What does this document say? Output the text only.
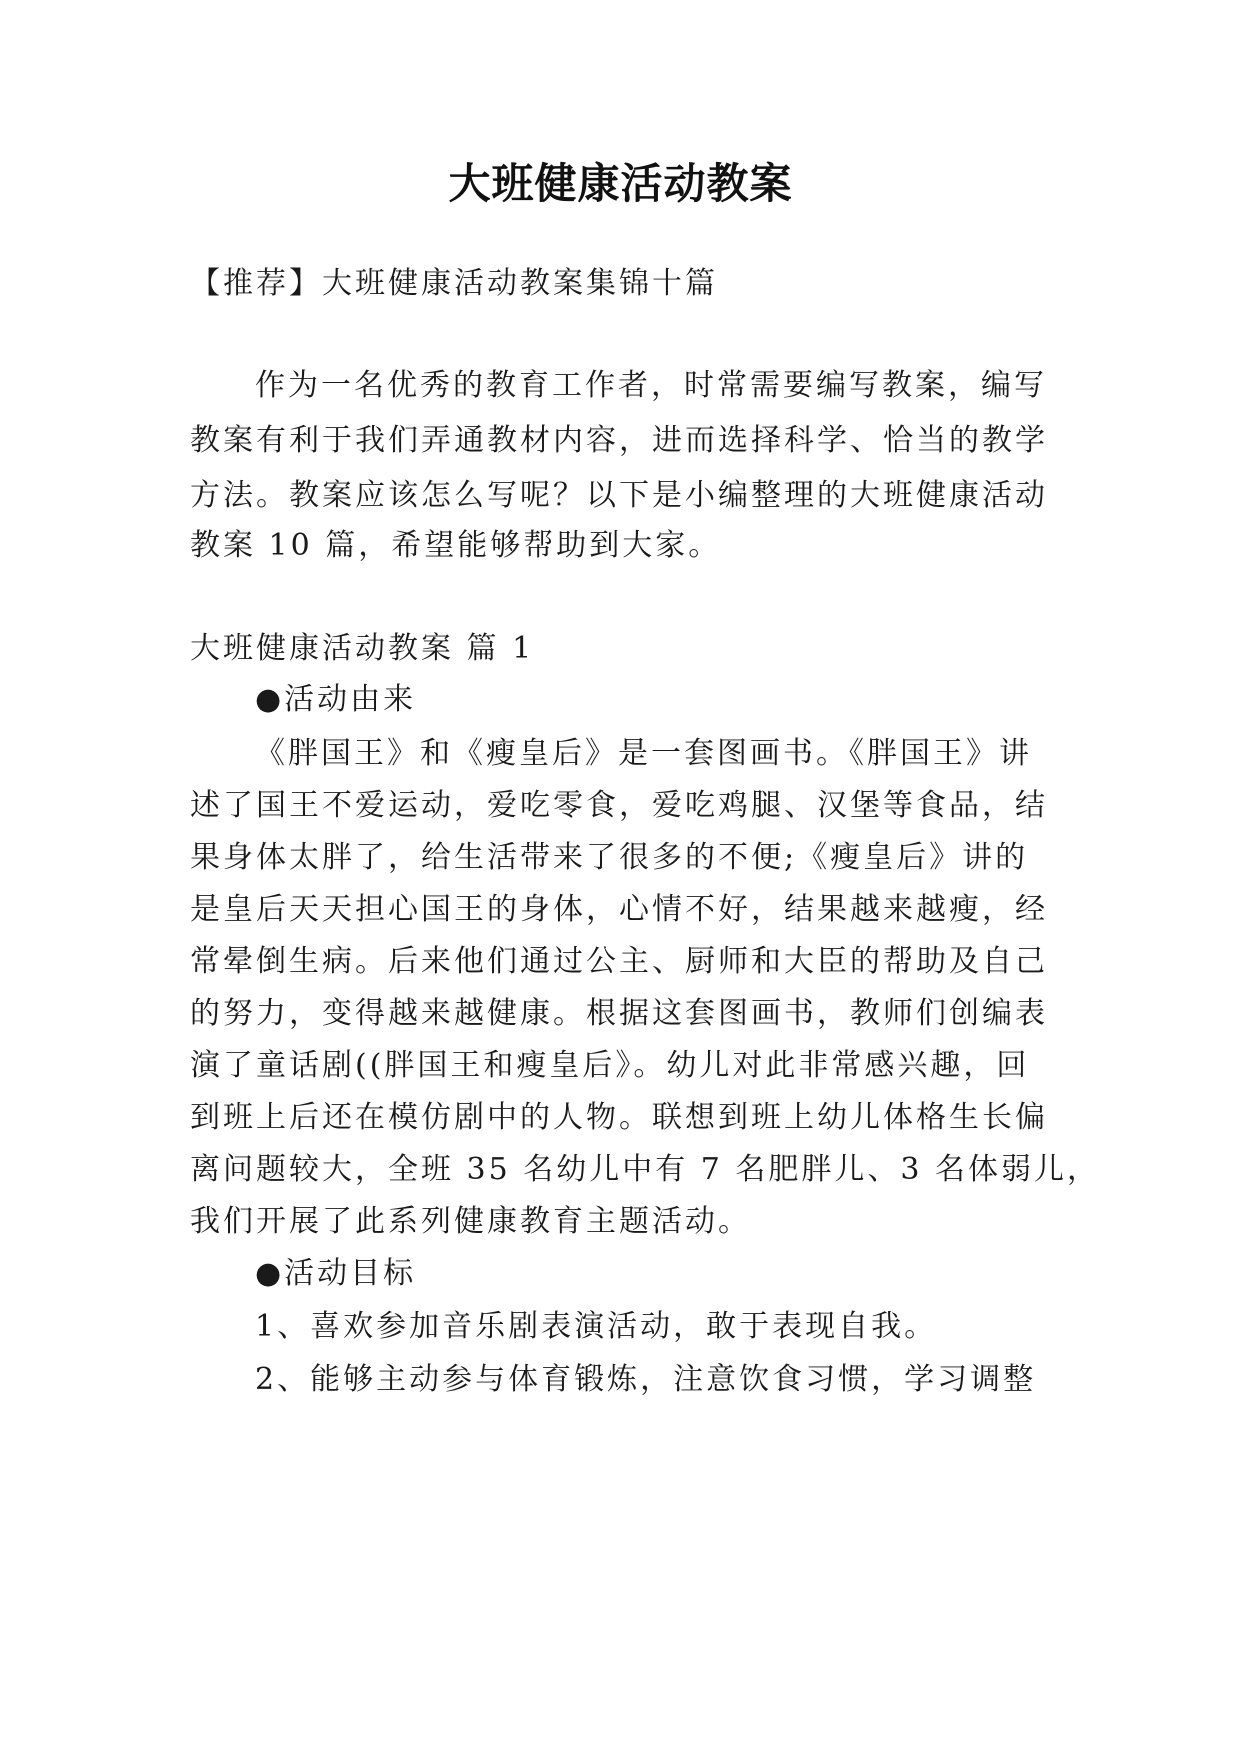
大班健康活动教案
【推荐】大班健康活动教案集锦十篇
作为一名优秀的教育工作者，时常需要编写教案，编写
教案有利于我们弄通教材内容，进而选择科学、恰当的教学
方法。教案应该怎么写呢？以下是小编整理的大班健康活动
教案 10 篇，希望能够帮助到大家。
大班健康活动教案 篇 1
●活动由来
《胖国王》和《瘦皇后》是一套图画书。《胖国王》讲
述了国王不爱运动，爱吃零食，爱吃鸡腿、汉堡等食品，结
果身体太胖了，给生活带来了很多的不便;《瘦皇后》讲的
是皇后天天担心国王的身体，心情不好，结果越来越瘦，经
常晕倒生病。后来他们通过公主、厨师和大臣的帮助及自己
的努力，变得越来越健康。根据这套图画书，教师们创编表
演了童话剧((胖国王和瘦皇后》。幼儿对此非常感兴趣，回
到班上后还在模仿剧中的人物。联想到班上幼儿体格生长偏
离问题较大，全班 35 名幼儿中有 7 名肥胖儿、3 名体弱儿，
我们开展了此系列健康教育主题活动。
●活动目标
1、喜欢参加音乐剧表演活动，敢于表现自我。
2、能够主动参与体育锻炼，注意饮食习惯，学习调整
